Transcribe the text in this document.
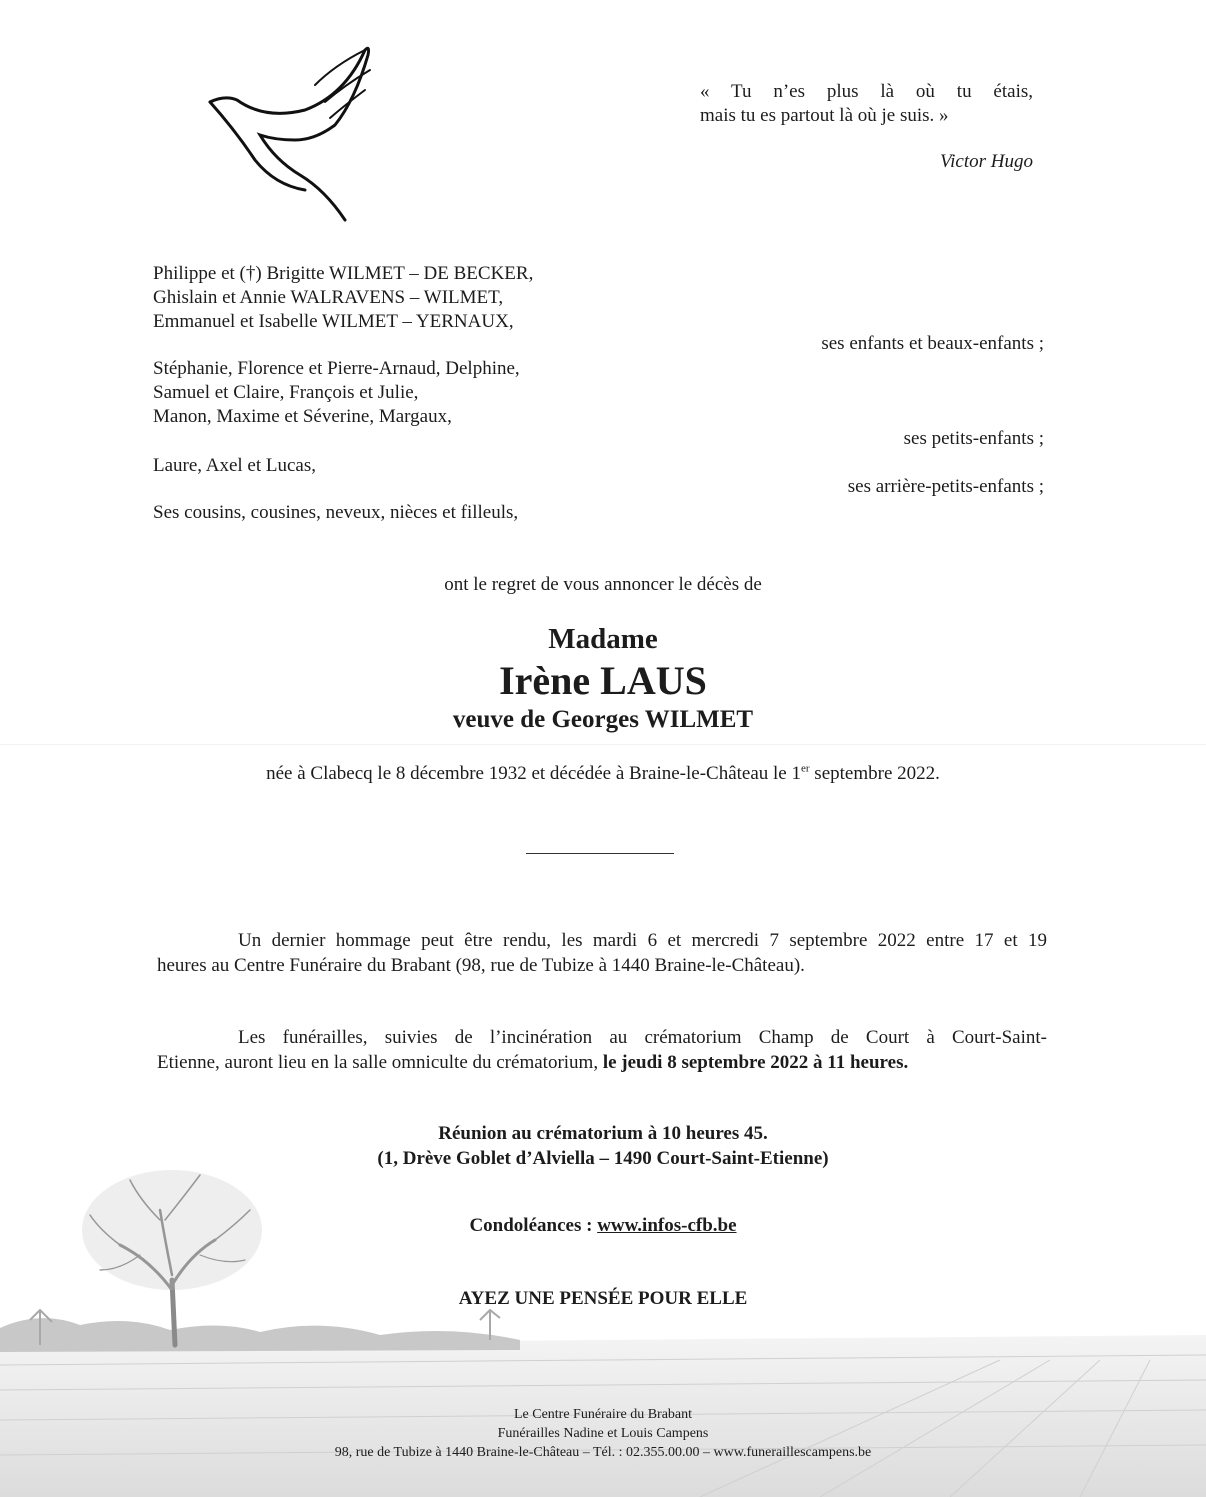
« Tu n’es plus là où tu étais,
mais tu es partout là où je suis. »
Victor Hugo
Philippe et (†) Brigitte WILMET – DE BECKER,
Ghislain et Annie WALRAVENS – WILMET,
Emmanuel et Isabelle WILMET – YERNAUX,
ses enfants et beaux-enfants ;
Stéphanie, Florence et Pierre-Arnaud, Delphine,
Samuel et Claire, François et Julie,
Manon, Maxime et Séverine, Margaux,
ses petits-enfants ;
Laure, Axel et Lucas,
ses arrière-petits-enfants ;
Ses cousins, cousines, neveux, nièces et filleuls,
ont le regret de vous annoncer le décès de
Madame
Irène LAUS
veuve de Georges WILMET
née à Clabecq le 8 décembre 1932 et décédée à Braine-le-Château le 1er septembre 2022.
Un dernier hommage peut être rendu, les mardi 6 et mercredi 7 septembre 2022 entre 17 et 19
heures au Centre Funéraire du Brabant (98, rue de Tubize à 1440 Braine-le-Château).
Les funérailles, suivies de l’incinération au crématorium Champ de Court à Court-Saint-
Etienne, auront lieu en la salle omniculte du crématorium, le jeudi 8 septembre 2022 à 11 heures.
Réunion au crématorium à 10 heures 45.
(1, Drève Goblet d’Alviella – 1490 Court-Saint-Etienne)
Condoléances : www.infos-cfb.be
AYEZ UNE PENSÉE POUR ELLE
Le Centre Funéraire du Brabant
Funérailles Nadine et Louis Campens
98, rue de Tubize à 1440 Braine-le-Château – Tél. : 02.355.00.00 – www.funeraillescampens.be
